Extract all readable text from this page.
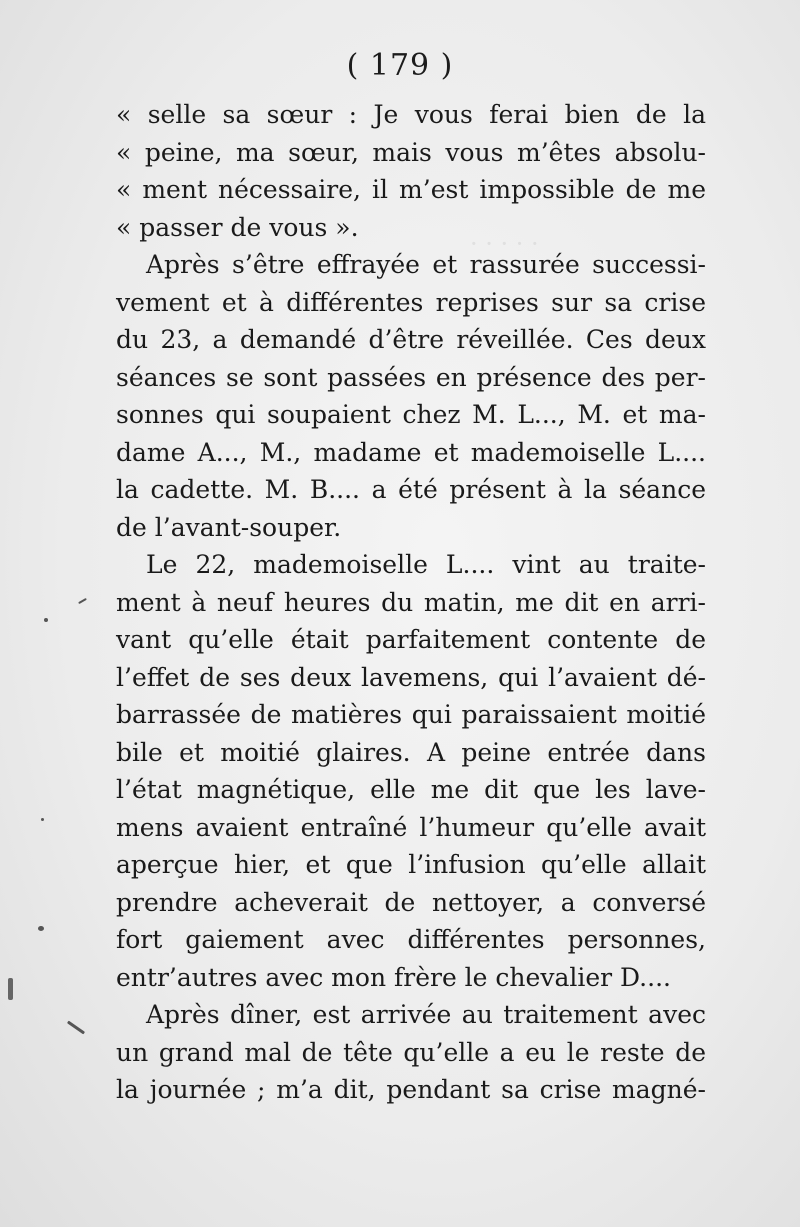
· · · · ·
( 179 )
« selle sa sœur : Je vous ferai bien de la
« peine, ma sœur, mais vous m’êtes absolu-
« ment nécessaire, il m’est impossible de me
« passer de vous ».
Après s’être effrayée et rassurée successi-
vement et à différentes reprises sur sa crise
du 23, a demandé d’être réveillée. Ces deux
séances se sont passées en présence des per-
sonnes qui soupaient chez M. L..., M. et ma-
dame A..., M., madame et mademoiselle L....
la cadette. M. B.... a été présent à la séance
de l’avant-souper.
Le 22, mademoiselle L.... vint au traite-
ment à neuf heures du matin, me dit en arri-
vant qu’elle était parfaitement contente de
l’effet de ses deux lavemens, qui l’avaient dé-
barrassée de matières qui paraissaient moitié
bile et moitié glaires. A peine entrée dans
l’état magnétique, elle me dit que les lave-
mens avaient entraîné l’humeur qu’elle avait
aperçue hier, et que l’infusion qu’elle allait
prendre acheverait de nettoyer, a conversé
fort gaiement avec différentes personnes,
entr’autres avec mon frère le chevalier D....
Après dîner, est arrivée au traitement avec
un grand mal de tête qu’elle a eu le reste de
la journée ; m’a dit, pendant sa crise magné-
